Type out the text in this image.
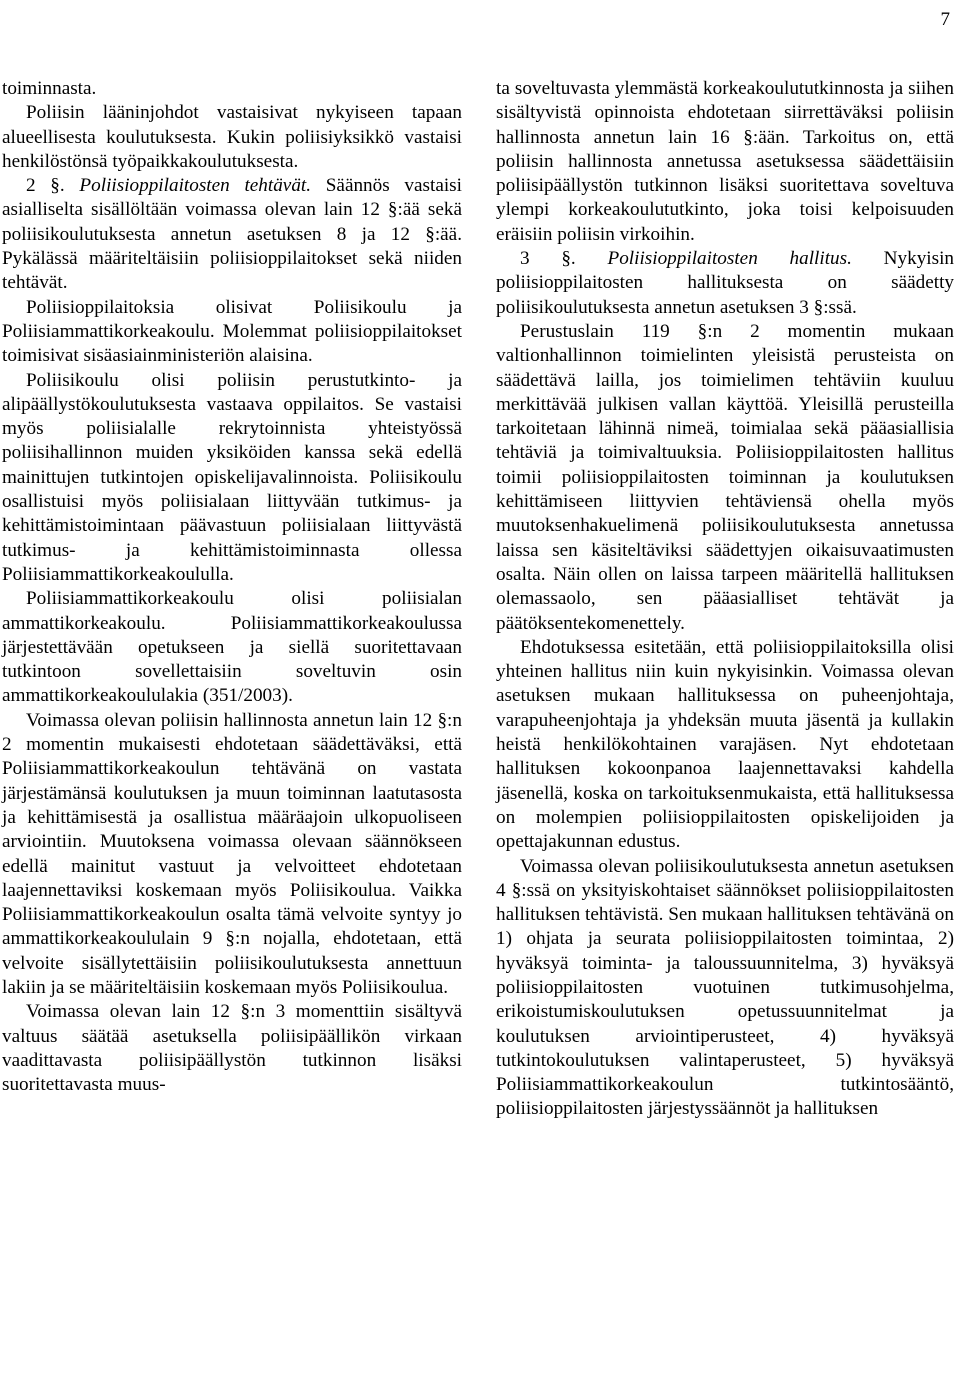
7

toiminnasta.

Poliisin lääninjohdot vastaisivat nykyiseen tapaan alueellisesta koulutuksesta. Kukin poliisiyksikkö vastaisi henkilöstönsä työpaikkakoulutuksesta.

2 §. Poliisioppilaitosten tehtävät. Säännös vastaisi asialliselta sisällöltään voimassa olevan lain 12 §:ää sekä poliisikoulutuksesta annetun asetuksen 8 ja 12 §:ää. Pykälässä määriteltäisiin poliisioppilaitokset sekä niiden tehtävät.

Poliisioppilaitoksia olisivat Poliisikoulu ja Poliisiammattikorkeakoulu. Molemmat poliisioppilaitokset toimisivat sisäasiainministeriön alaisina.

Poliisikoulu olisi poliisin perustutkinto- ja alipäällystökoulutuksesta vastaava oppilaitos. Se vastaisi myös poliisialalle rekrytoinnista yhteistyössä poliisihallinnon muiden yksiköiden kanssa sekä edellä mainittujen tutkintojen opiskelijavalinnoista. Poliisikoulu osallistuisi myös poliisialaan liittyvään tutkimus- ja kehittämistoimintaan päävastuun poliisialaan liittyvästä tutkimus- ja kehittämistoiminnasta ollessa Poliisiammattikorkeakoululla.

Poliisiammattikorkeakoulu olisi poliisialan ammattikorkeakoulu. Poliisiammattikorkeakoulussa järjestettävään opetukseen ja siellä suoritettavaan tutkintoon sovellettaisiin soveltuvin osin ammattikorkeakoululakia (351/2003).

Voimassa olevan poliisin hallinnosta annetun lain 12 §:n 2 momentin mukaisesti ehdotetaan säädettäväksi, että Poliisiammattikorkeakoulun tehtävänä on vastata järjestämänsä koulutuksen ja muun toiminnan laatutasosta ja kehittämisestä ja osallistua määräajoin ulkopuoliseen arviointiin. Muutoksena voimassa olevaan säännökseen edellä mainitut vastuut ja velvoitteet ehdotetaan laajennettaviksi koskemaan myös Poliisikoulua. Vaikka Poliisiammattikorkeakoulun osalta tämä velvoite syntyy jo ammattikorkeakoululain 9 §:n nojalla, ehdotetaan, että velvoite sisällytettäisiin poliisikoulutuksesta annettuun lakiin ja se määriteltäisiin koskemaan myös Poliisikoulua.

Voimassa olevan lain 12 §:n 3 momenttiin sisältyvä valtuus säätää asetuksella poliisipäällikön virkaan vaadittavasta poliisipäällystön tutkinnon lisäksi suoritettavasta muus-

ta soveltuvasta ylemmästä korkeakoulututkinnosta ja siihen sisältyvistä opinnoista ehdotetaan siirrettäväksi poliisin hallinnosta annetun lain 16 §:ään. Tarkoitus on, että poliisin hallinnosta annetussa asetuksessa säädettäisiin poliisipäällystön tutkinnon lisäksi suoritettava soveltuva ylempi korkeakoulututkinto, joka toisi kelpoisuuden eräisiin poliisin virkoihin.

3 §. Poliisioppilaitosten hallitus. Nykyisin poliisioppilaitosten hallituksesta on säädetty poliisikoulutuksesta annetun asetuksen 3 §:ssä.

Perustuslain 119 §:n 2 momentin mukaan valtionhallinnon toimielinten yleisistä perusteista on säädettävä lailla, jos toimielimen tehtäviin kuuluu merkittävää julkisen vallan käyttöä. Yleisillä perusteilla tarkoitetaan lähinnä nimeä, toimialaa sekä pääasiallisia tehtäviä ja toimivaltuuksia. Poliisioppilaitosten hallitus toimii poliisioppilaitosten toiminnan ja koulutuksen kehittämiseen liittyvien tehtäviensä ohella myös muutoksenhakuelimenä poliisikoulutuksesta annetussa laissa sen käsiteltäviksi säädettyjen oikaisuvaatimusten osalta. Näin ollen on laissa tarpeen määritellä hallituksen olemassaolo, sen pääasialliset tehtävät ja päätöksentekomenettely.

Ehdotuksessa esitetään, että poliisioppilaitoksilla olisi yhteinen hallitus niin kuin nykyisinkin. Voimassa olevan asetuksen mukaan hallituksessa on puheenjohtaja, varapuheenjohtaja ja yhdeksän muuta jäsentä ja kullakin heistä henkilökohtainen varajäsen. Nyt ehdotetaan hallituksen kokoonpanoa laajennettavaksi kahdella jäsenellä, koska on tarkoituksenmukaista, että hallituksessa on molempien poliisioppilaitosten opiskelijoiden ja opettajakunnan edustus.

Voimassa olevan poliisikoulutuksesta annetun asetuksen 4 §:ssä on yksityiskohtaiset säännökset poliisioppilaitosten hallituksen tehtävistä. Sen mukaan hallituksen tehtävänä on 1) ohjata ja seurata poliisioppilaitosten toimintaa, 2) hyväksyä toiminta- ja taloussuunnitelma, 3) hyväksyä poliisioppilaitosten vuotuinen tutkimusohjelma, erikoistumiskoulutuksen opetussuunnitelmat ja koulutuksen arviointiperusteet, 4) hyväksyä tutkintokoulutuksen valintaperusteet, 5) hyväksyä Poliisiammattikorkeakoulun tutkintosääntö, poliisioppilaitosten järjestyssäännöt ja hallituksen
